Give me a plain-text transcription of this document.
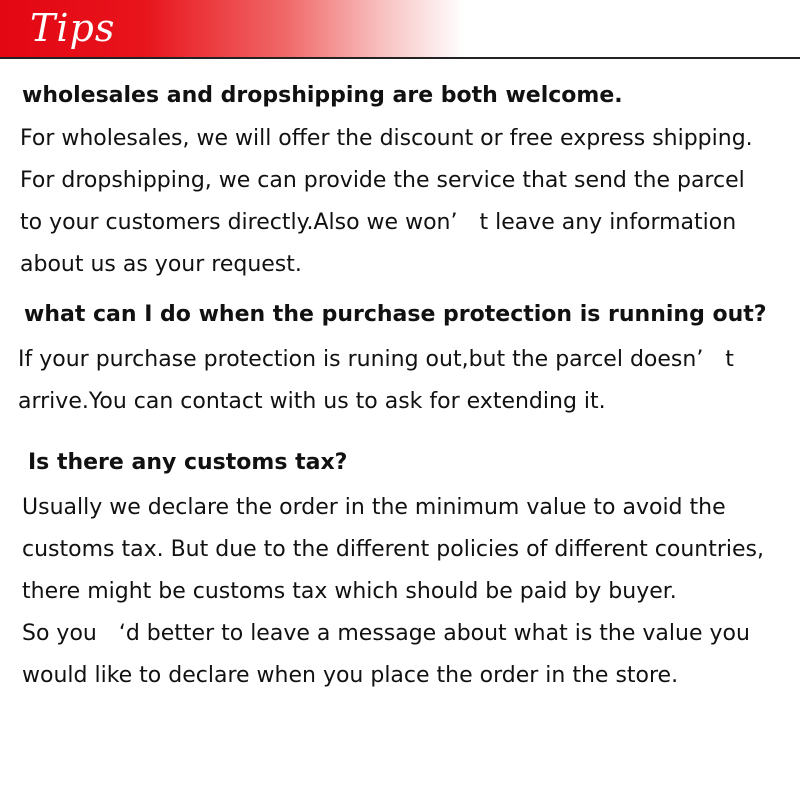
Tips
wholesales and dropshipping are both welcome.
For wholesales, we will offer the discount or free express shipping.
For dropshipping, we can provide the service that send the parcel
to your customers directly.Also we won’　t leave any information
about us as your request.
what can I do when the purchase protection is running out?
If your purchase protection is runing out,but the parcel doesn’　t
arrive.You can contact with us to ask for extending it.
Is there any customs tax?
Usually we declare the order in the minimum value to avoid the
customs tax. But due to the different policies of different countries,
there might be customs tax which should be paid by buyer.
So you　‘d better to leave a message about what is the value you
would like to declare when you place the order in the store.
